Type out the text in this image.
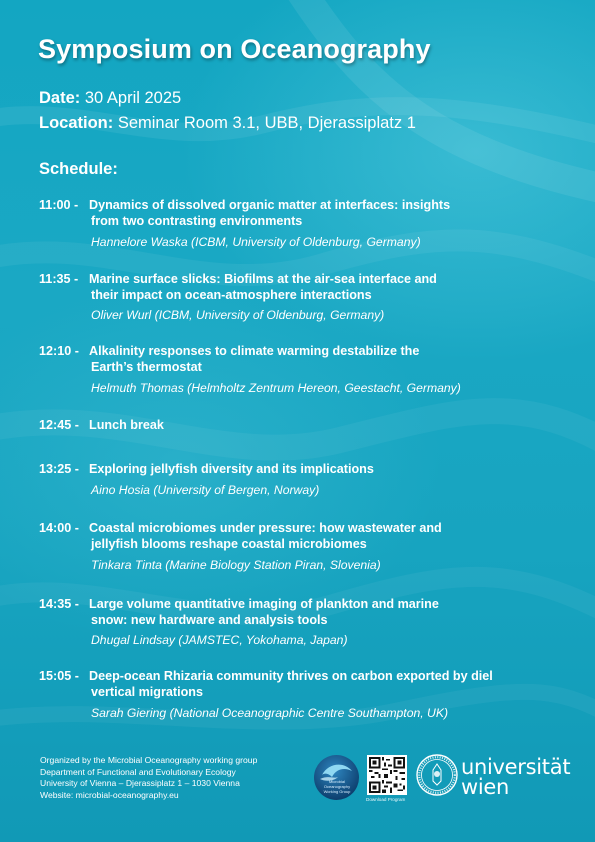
Symposium on Oceanography
Date: 30 April 2025
Location: Seminar Room 3.1, UBB, Djerassiplatz 1
Schedule:
11:00 - Dynamics of dissolved organic matter at interfaces: insights
from two contrasting environments
Hannelore Waska (ICBM, University of Oldenburg, Germany)
11:35 - Marine surface slicks: Biofilms at the air-sea interface and
their impact on ocean-atmosphere interactions
Oliver Wurl (ICBM, University of Oldenburg, Germany)
12:10 - Alkalinity responses to climate warming destabilize the
Earth’s thermostat
Helmuth Thomas (Helmholtz Zentrum Hereon, Geestacht, Germany)
12:45 - Lunch break
13:25 - Exploring jellyfish diversity and its implications
Aino Hosia (University of Bergen, Norway)
14:00 - Coastal microbiomes under pressure: how wastewater and
jellyfish blooms reshape coastal microbiomes
Tinkara Tinta (Marine Biology Station Piran, Slovenia)
14:35 - Large volume quantitative imaging of plankton and marine
snow: new hardware and analysis tools
Dhugal Lindsay (JAMSTEC, Yokohama, Japan)
15:05 - Deep-ocean Rhizaria community thrives on carbon exported by diel
vertical migrations
Sarah Giering (National Oceanographic Centre Southampton, UK)
Organized by the Microbial Oceanography working group
Department of Functional and Evolutionary Ecology
University of Vienna – Djerassiplatz 1 – 1030 Vienna
Website: microbial-oceanography.eu
Microbial Oceanography Working Group
Download Program
universität
wien
